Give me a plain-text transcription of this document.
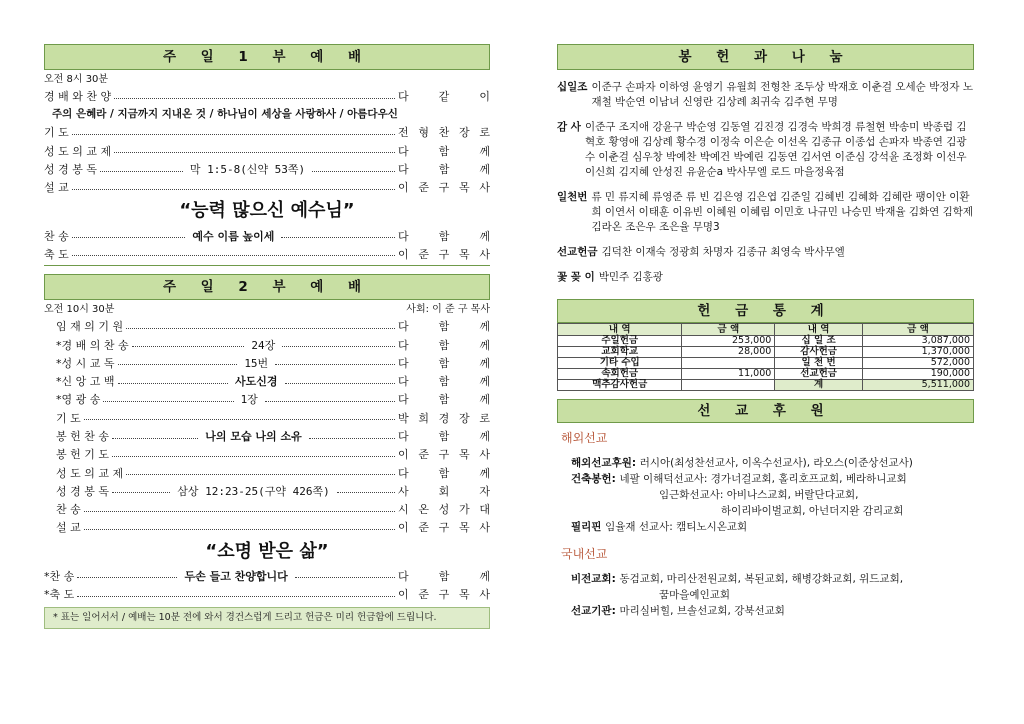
주 일 1 부 예 배
오전 8시 30분
경 배 와 찬 양	다	같	이
주의 은혜라 / 지금까지 지내온 것 / 하나님이 세상을 사랑하사 / 아름다우신
기 도	전 형 찬 장 로
성 도 의 교 제	다	함	께
성 경 봉 독	막 1:5-8(신약 53쪽)	다	함	께
설 교	이 준 구 목 사
“능력 많으신 예수님”
찬 송	예수 이름 높이세	다	함	께
축 도	이 준 구 목 사
주 일 2 부 예 배
오전 10시 30분	사회: 이 준 구 목사
임 재 의 기 원	다	함	께
*경 배 의 찬 송	24장	다	함	께
*성 시 교 독	15번	다	함	께
*신 앙 고 백	사도신경	다	함	께
*영 광 송	1장	다	함	께
기 도	박 희 경 장 로
봉 헌 찬 송	나의 모습 나의 소유	다	함	께
봉 헌 기 도	이 준 구 목 사
성 도 의 교 제	다	함	께
성 경 봉 독	삼상 12:23-25(구약 426쪽)	사	회	자
찬 송	시 온 성 가 대
설 교	이 준 구 목 사
“소명 받은 삶”
*찬 송	두손 들고 찬양합니다	다	함	께
*축 도	이 준 구 목 사
* 표는 일어서서 / 예배는 10분 전에 와서 경건스럽게 드리고 헌금은 미리 헌금함에 드립니다.
봉 헌 과 나 눔
십일조 이준구 손파자 이하영 윤영기 유월희 전형찬 조두상 박재호 이춘걸 오세순 박정자 노재철 박순연 이남녀 신영란 김상례 최귀숙 김주현 무명
감 사 이준구 조지애 강윤구 박순영 김동열 김진경 김경숙 박희경 류철현 박송미 박종럽 김혁호 황영애 김상례 황수경 이정숙 이은순 이선옥 김종규 이종섭 손파자 박종연 김광수 이춘걸 심우창 박예찬 박예건 박예린 김동연 김서연 이준심 강석윤 조정화 이선우 이신희 김지혜 안성진 유윤순a 박사무엘 로드 마을정육점
일천번 류 민 류지혜 류영준 류 빈 김은영 김은엽 김준일 김혜빈 김혜화 김혜란 팽이안 이환희 이연서 이태훈 이유빈 이혜원 이혜림 이민호 나규민 나승민 박재율 김화연 김학제 김라온 조은우 조은율 무명3
선교헌금 김덕찬 이재숙 정광희 차명자 김종규 최영숙 박사무엘
꽃 꽂 이 박민주 김홍광
헌 금 통 계
내 역	금 액	내 역	금 액
주일헌금	253,000	십 일 조	3,087,000
교회학교	28,000	감사헌금	1,370,000
기타 수입		일 천 번	572,000
속회헌금	11,000	선교헌금	190,000
맥추감사헌금		계	5,511,000
선 교 후 원
해외선교
해외선교후원: 러시아(최성찬선교사, 이옥수선교사), 라오스(이준상선교사)
건축봉헌: 네팔 이해덕선교사: 경가너걸교회, 홀리호프교회, 베라하니교회
임근화선교사: 아비나스교회, 버랄단다교회,
하이리바이벌교회, 아넌더지완 감리교회
필리핀 임율재 선교사: 캠티노시온교회
국내선교
비전교회: 동검교회, 마리산전원교회, 복된교회, 해병강화교회, 위드교회,
꿈마을예인교회
선교기관: 마리실버힐, 브솔선교회, 강북선교회
